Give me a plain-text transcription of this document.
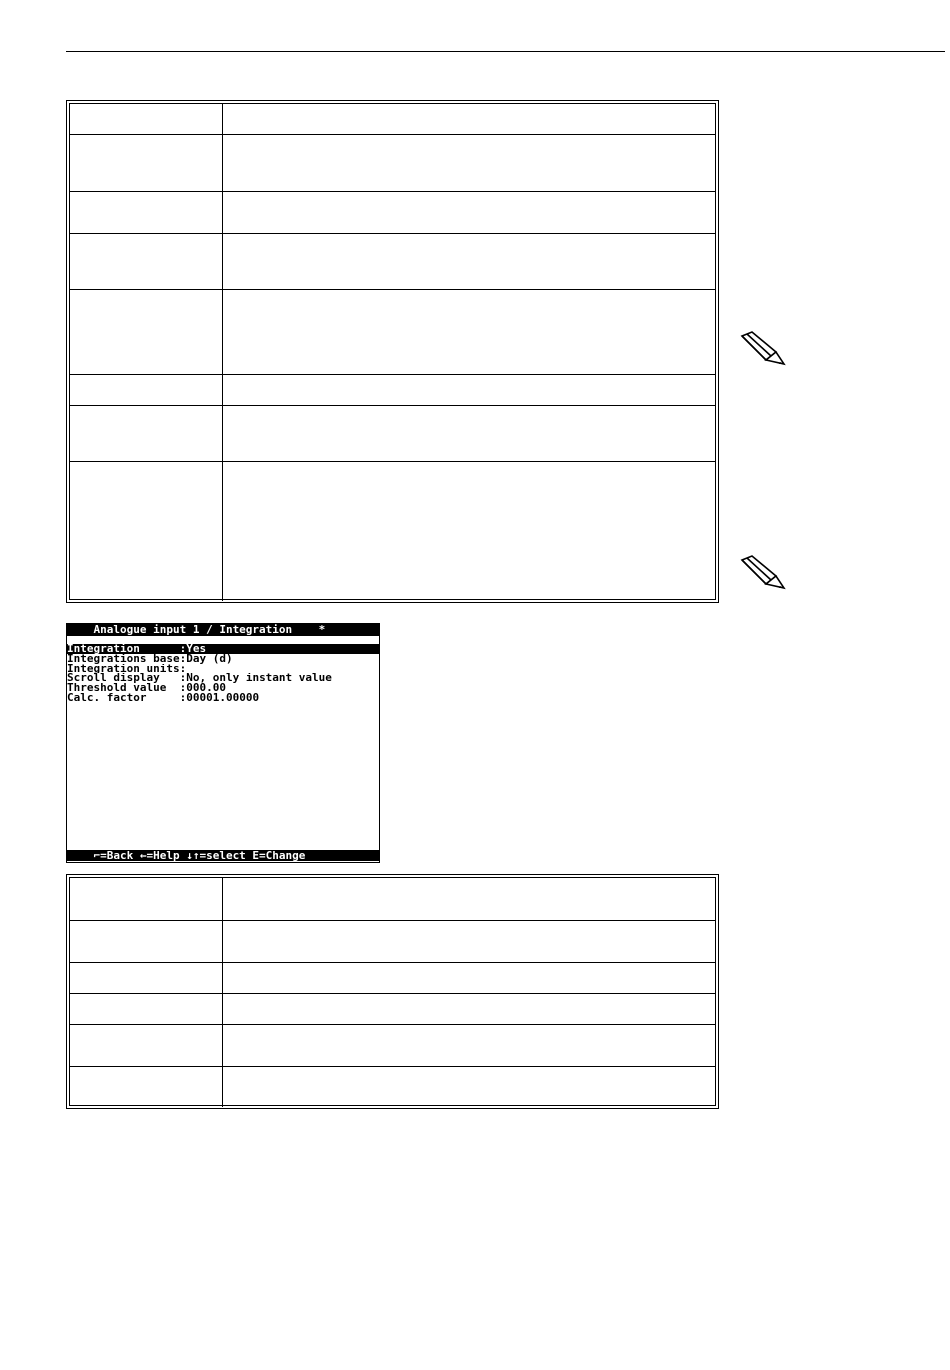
Analogue input 1 / Integration    *
Integration      :Yes
Integrations base:Day (d)
Integration units:
Scroll display   :No, only instant value
Threshold value  :000.00
Calc. factor     :00001.00000
⌐=Back ←=Help ↓↑=select E=Change
